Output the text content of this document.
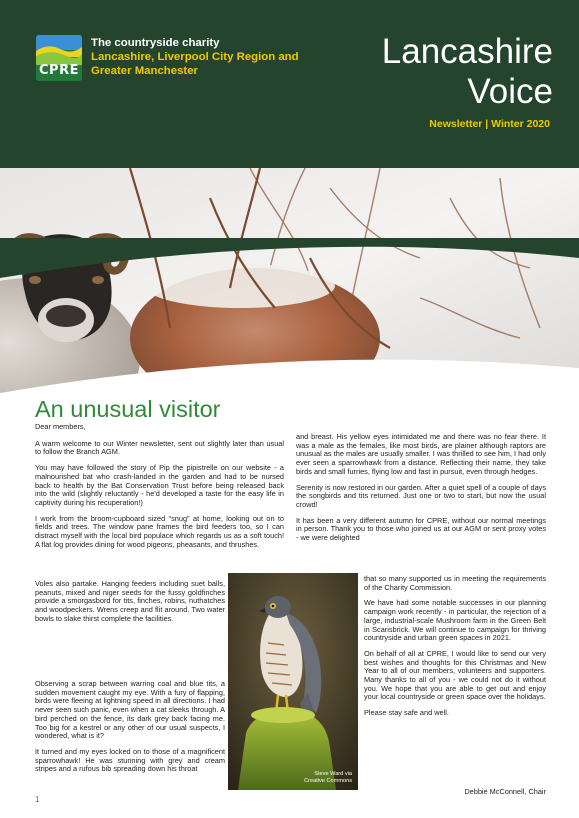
CPRE
The countryside charity
Lancashire, Liverpool City Region and Greater Manchester	Lancashire
Voice
Newsletter | Winter 2020
An unusual visitor

Dear members,

A warm welcome to our Winter newsletter, sent out slightly later than usual to follow the Branch AGM.

You may have followed the story of Pip the pipistrelle on our website - a malnourished bat who crash-landed in the garden and had to be nursed back to health by the Bat Conservation Trust before being released back into the wild (slightly reluctantly - he'd developed a taste for the easy life in captivity during his recuperation!)

I work from the broom-cupboard sized "snug" at home, looking out on to fields and trees. The window pane frames the bird feeders too, so I can distract myself with the local bird populace which regards us as a soft touch! A flat log provides dining for wood pigeons, pheasants, and thrushes.

Voles also partake. Hanging feeders including suet balls, peanuts, mixed and niger seeds for the fussy goldfinches provide a smorgasbord for tits, finches, robins, nuthatches and woodpeckers. Wrens creep and flit around. Two water bowls to slake thirst complete the facilities.

Observing a scrap between warring coal and blue tits, a sudden movement caught my eye. With a fury of flapping, birds were fleeing at lightning speed in all directions. I had never seen such panic, even when a cat sleeks through. A bird perched on the fence, its dark grey back facing me. Too big for a kestrel or any other of our usual suspects, I wondered, what is it?

It turned and my eyes locked on to those of a magnificent sparrowhawk! He was stunning with grey and cream stripes and a rufous bib spreading down his throat

and breast. His yellow eyes intimidated me and there was no fear there. It was a male as the females, like most birds, are plainer although raptors are unusual as the males are usually smaller. I was thrilled to see him, I had only ever seen a sparrowhawk from a distance. Reflecting their name, they take birds and small furries, flying low and fast in pursuit, even through hedges.

Serenity is now restored in our garden. After a quiet spell of a couple of days the songbirds and tits returned. Just one or two to start, but now the usual crowd!

It has been a very different autumn for CPRE, without our normal meetings in person. Thank you to those who joined us at our AGM or sent proxy votes - we were delighted

that so many supported us in meeting the requirements of the Charity Commission.

We have had some notable successes in our planning campaign work recently - in particular, the rejection of a large, industrial-scale Mushroom farm in the Green Belt in Scarisbrick. We will continue to campaign for thriving countryside and urban green spaces in 2021.

On behalf of all at CPRE, I would like to send our very best wishes and thoughts for this Christmas and New Year to all of our members, volunteers and supporters. Many thanks to all of you - we could not do it without you. We hope that you are able to get out and enjoy your local countryside or green space over the holidays.

Please stay safe and well.

Debbie McConnell, Chair
Steve Ward via
Creative Commons
1
